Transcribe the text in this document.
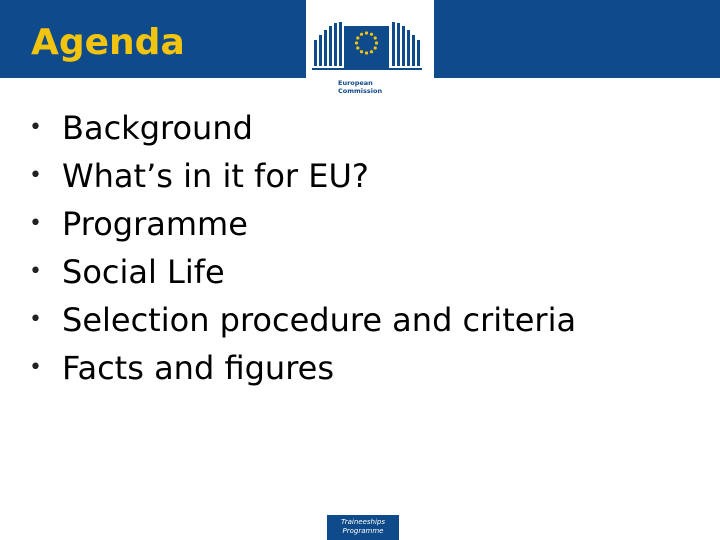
Agenda
European
Commission
• Background
• What’s in it for EU?
• Programme
• Social Life
• Selection procedure and criteria
• Facts and figures
Traineeships
Programme
